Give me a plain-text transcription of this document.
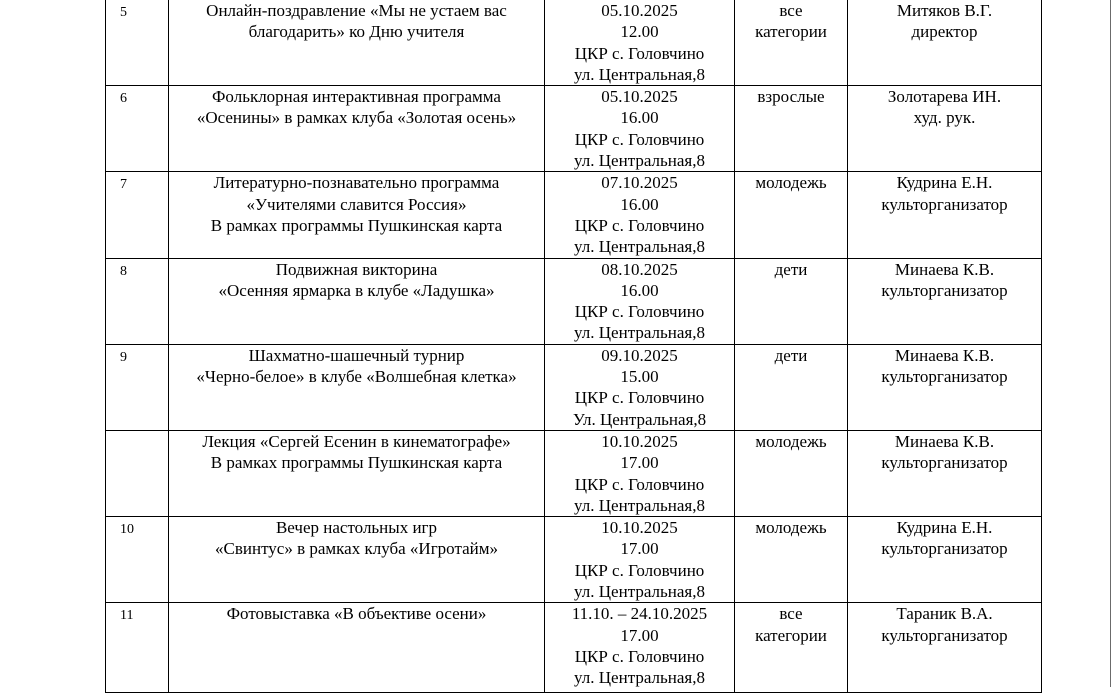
5	Онлайн-поздравление «Мы не устаем вас
благодарить» ко Дню учителя	05.10.2025
12.00
ЦКР с. Головчино
ул. Центральная,8	все
категории	Митяков В.Г.
директор

6	Фольклорная интерактивная программа
«Осенины» в рамках клуба «Золотая осень»	05.10.2025
16.00
ЦКР с. Головчино
ул. Центральная,8	взрослые	Золотарева ИН.
худ. рук.

7	Литературно-познавательно программа
«Учителями славится Россия»
В рамках программы Пушкинская карта	07.10.2025
16.00
ЦКР с. Головчино
ул. Центральная,8	молодежь	Кудрина Е.Н.
культорганизатор

8	Подвижная викторина
«Осенняя ярмарка в клубе «Ладушка»	08.10.2025
16.00
ЦКР с. Головчино
ул. Центральная,8	дети	Минаева К.В.
культорганизатор

9	Шахматно-шашечный турнир
«Черно-белое» в клубе «Волшебная клетка»	09.10.2025
15.00
ЦКР с. Головчино
Ул. Центральная,8	дети	Минаева К.В.
культорганизатор

	Лекция «Сергей Есенин в кинематографе»
В рамках программы Пушкинская карта	10.10.2025
17.00
ЦКР с. Головчино
ул. Центральная,8	молодежь	Минаева К.В.
культорганизатор

10	Вечер настольных игр
«Свинтус» в рамках клуба «Игротайм»	10.10.2025
17.00
ЦКР с. Головчино
ул. Центральная,8	молодежь	Кудрина Е.Н.
культорганизатор

11	Фотовыставка «В объективе осени»	11.10. – 24.10.2025
17.00
ЦКР с. Головчино
ул. Центральная,8	все
категории	Тараник В.А.
культорганизатор
